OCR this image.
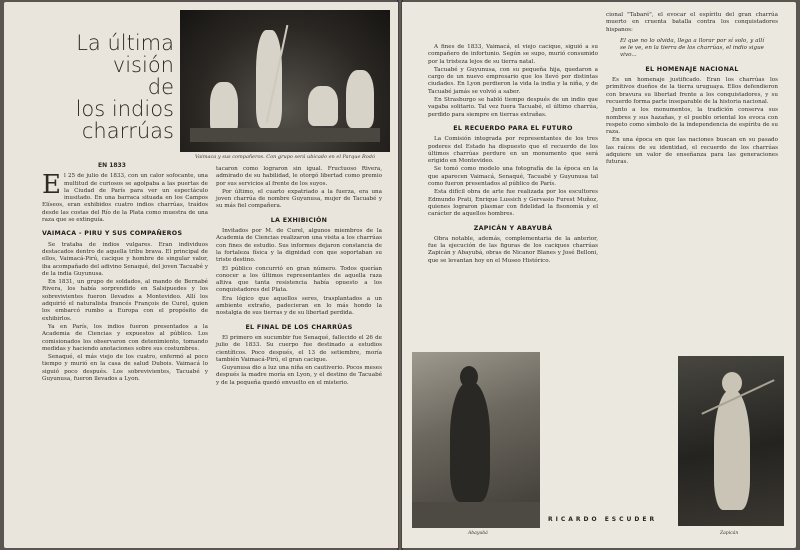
La última
visión
de
los indios
charrúas
Vaimaca y sus compañeros. Con grupo será ubicado en el Parque Rodó
EN 1833

El 25 de julio de 1833, con un calor sofocante, una multitud de curiosos se agolpaba a las puertas de la Ciudad de París para ver un espectáculo inusitado. En una barraca situada en los Campos Elíseos, eran exhibidos cuatro indios charrúas, traídos desde las costas del Río de la Plata como muestra de una raza que se extinguía.

VAIMACA - PIRU Y SUS COMPAÑEROS

Se trataba de indios vulgares. Eran individuos destacados dentro de aquella tribu brava. El principal de ellos, Vaimacá-Pirú, cacique y hombre de singular valor, iba acompañado del adivino Senaqué, del joven Tacuabé y de la india Guyunusa.

En 1831, un grupo de soldados, al mando de Bernabé Rivera, los había sorprendido en Salsipuedes y los sobrevivientes fueron llevados a Montevideo. Allí los adquirió el naturalista francés François de Curel, quien los embarcó rumbo a Europa con el propósito de exhibirlos.

Ya en París, los indios fueron presentados a la Academia de Ciencias y expuestos al público. Los comisionados los observaron con detenimiento, tomando medidas y haciendo anotaciones sobre sus costumbres.

Senaqué, el más viejo de los cuatro, enfermó al poco tiempo y murió en la casa de salud Dubois. Vaimacá lo siguió poco después. Los sobrevivientes, Tacuabé y Guyunusa, fueron llevados a Lyon.

tacaron como lograron sin igual. Fructuoso Rivera, admirado de su habilidad, le otorgó libertad como premio por sus servicios al frente de los suyos.

Por último, el cuarto expatriado a la fuerza, era una joven charrúa de nombre Guyunusa, mujer de Tacuabé y su más fiel compañera.

LA EXHIBICIÓN

Invitados por M. de Curel, algunos miembros de la Academia de Ciencias realizaron una visita a los charrúas con fines de estudio. Sus informes dejaron constancia de la fortaleza física y la dignidad con que soportaban su triste destino.

El público concurrió en gran número. Todos querían conocer a los últimos representantes de aquella raza altiva que tanta resistencia había opuesto a los conquistadores del Plata.

Era lógico que aquellos seres, trasplantados a un ambiente extraño, padecieran en lo más hondo la nostalgia de sus tierras y de su libertad perdida.

EL FINAL DE LOS CHARRÚAS

El primero en sucumbir fue Senaqué, fallecido el 26 de julio de 1833. Su cuerpo fue destinado a estudios científicos. Poco después, el 13 de setiembre, moría también Vaimacá-Pirú, el gran cacique.

Guyunusa dio a luz una niña en cautiverio. Pocos meses después la madre moría en Lyon, y el destino de Tacuabé y de la pequeña quedó envuelto en el misterio.

A fines de 1833, Vaimacá, el viejo cacique, siguió a su compañero de infortunio. Según se supo, murió consumido por la tristeza lejos de su tierra natal.

Tacuabé y Guyunusa, con su pequeña hija, quedaron a cargo de un nuevo empresario que los llevó por distintas ciudades. En Lyon perdieron la vida la india y la niña, y de Tacuabé jamás se volvió a saber.

En Strasburgo se habló tiempo después de un indio que vagaba solitario. Tal vez fuera Tacuabé, el último charrúa, perdido para siempre en tierras extrañas.

EL RECUERDO PARA EL FUTURO

La Comisión integrada por representantes de los tres poderes del Estado ha dispuesto que el recuerdo de los últimos charrúas perdure en un monumento que será erigido en Montevideo.

Se tomó como modelo una fotografía de la época en la que aparecen Vaimacá, Senaqué, Tacuabé y Guyunusa tal como fueron presentados al público de París.

Esta difícil obra de arte fue realizada por los escultores Edmundo Prati, Enrique Lussich y Gervasio Furest Muñoz, quienes lograron plasmar con fidelidad la fisonomía y el carácter de aquellos hombres.

ZAPICÁN Y ABAYUBÁ

Obra notable, además, complementaria de la anterior, fue la ejecución de las figuras de los caciques charrúas Zapicán y Abayubá, obras de Nicanor Blanes y José Belloni, que se levantan hoy en el Museo Histórico.

cional "Tabaré", el evocar el espíritu del gran charrúa muerto en cruenta batalla contra los conquistadores hispanos:

El que no lo olvida, llega a llorar por sí solo, y allí se le ve, en la tierra de los charrúas, el indio sigue vivo...

EL HOMENAJE NACIONAL

Es un homenaje justificado. Eran los charrúas los primitivos dueños de la tierra uruguaya. Ellos defendieron con bravura su libertad frente a los conquistadores, y su recuerdo forma parte inseparable de la historia nacional.

Junto a los monumentos, la tradición conserva sus nombres y sus hazañas, y el pueblo oriental los evoca con respeto como símbolo de la independencia de espíritu de su raza.

En una época en que las naciones buscan en su pasado las raíces de su identidad, el recuerdo de los charrúas adquiere un valor de enseñanza para las generaciones futuras.

Abayubá	Zapicán
RICARDO ESCUDER
